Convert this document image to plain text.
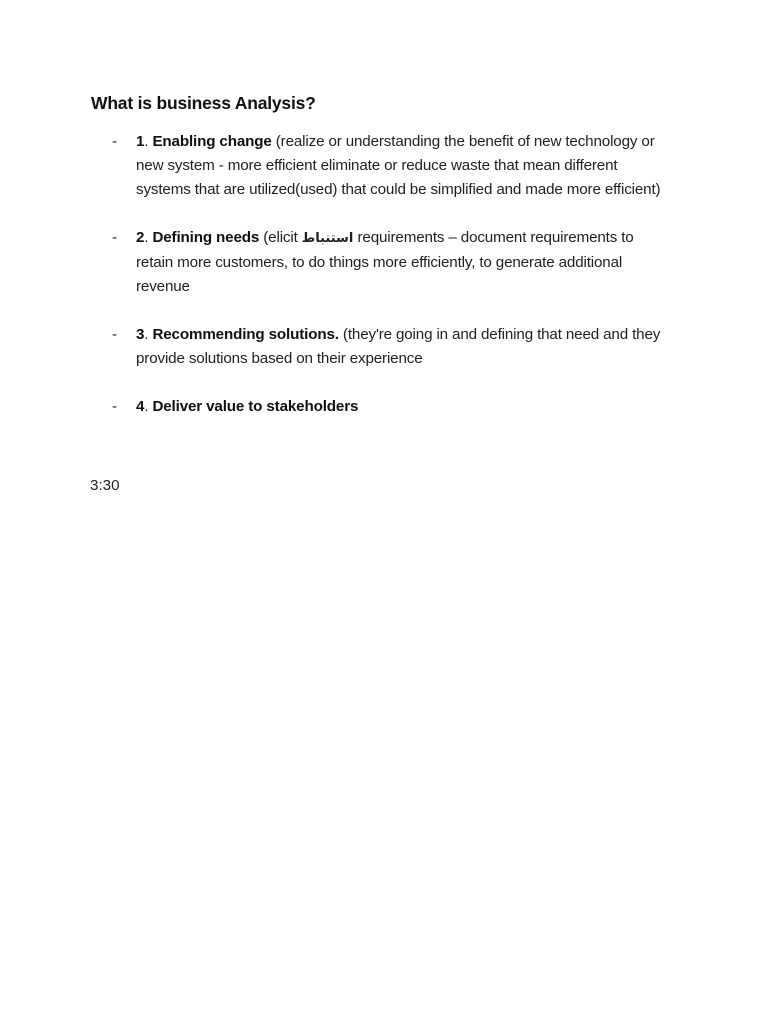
What is business Analysis?
- 1. Enabling change (realize or understanding the benefit of new technology or new system - more efficient eliminate or reduce waste that mean different systems that are utilized(used) that could be simplified and made more efficient)
- 2. Defining needs (elicit استنباط requirements – document requirements to retain more customers, to do things more efficiently, to generate additional revenue
- 3. Recommending solutions. (they're going in and defining that need and they provide solutions based on their experience
- 4. Deliver value to stakeholders
3:30
